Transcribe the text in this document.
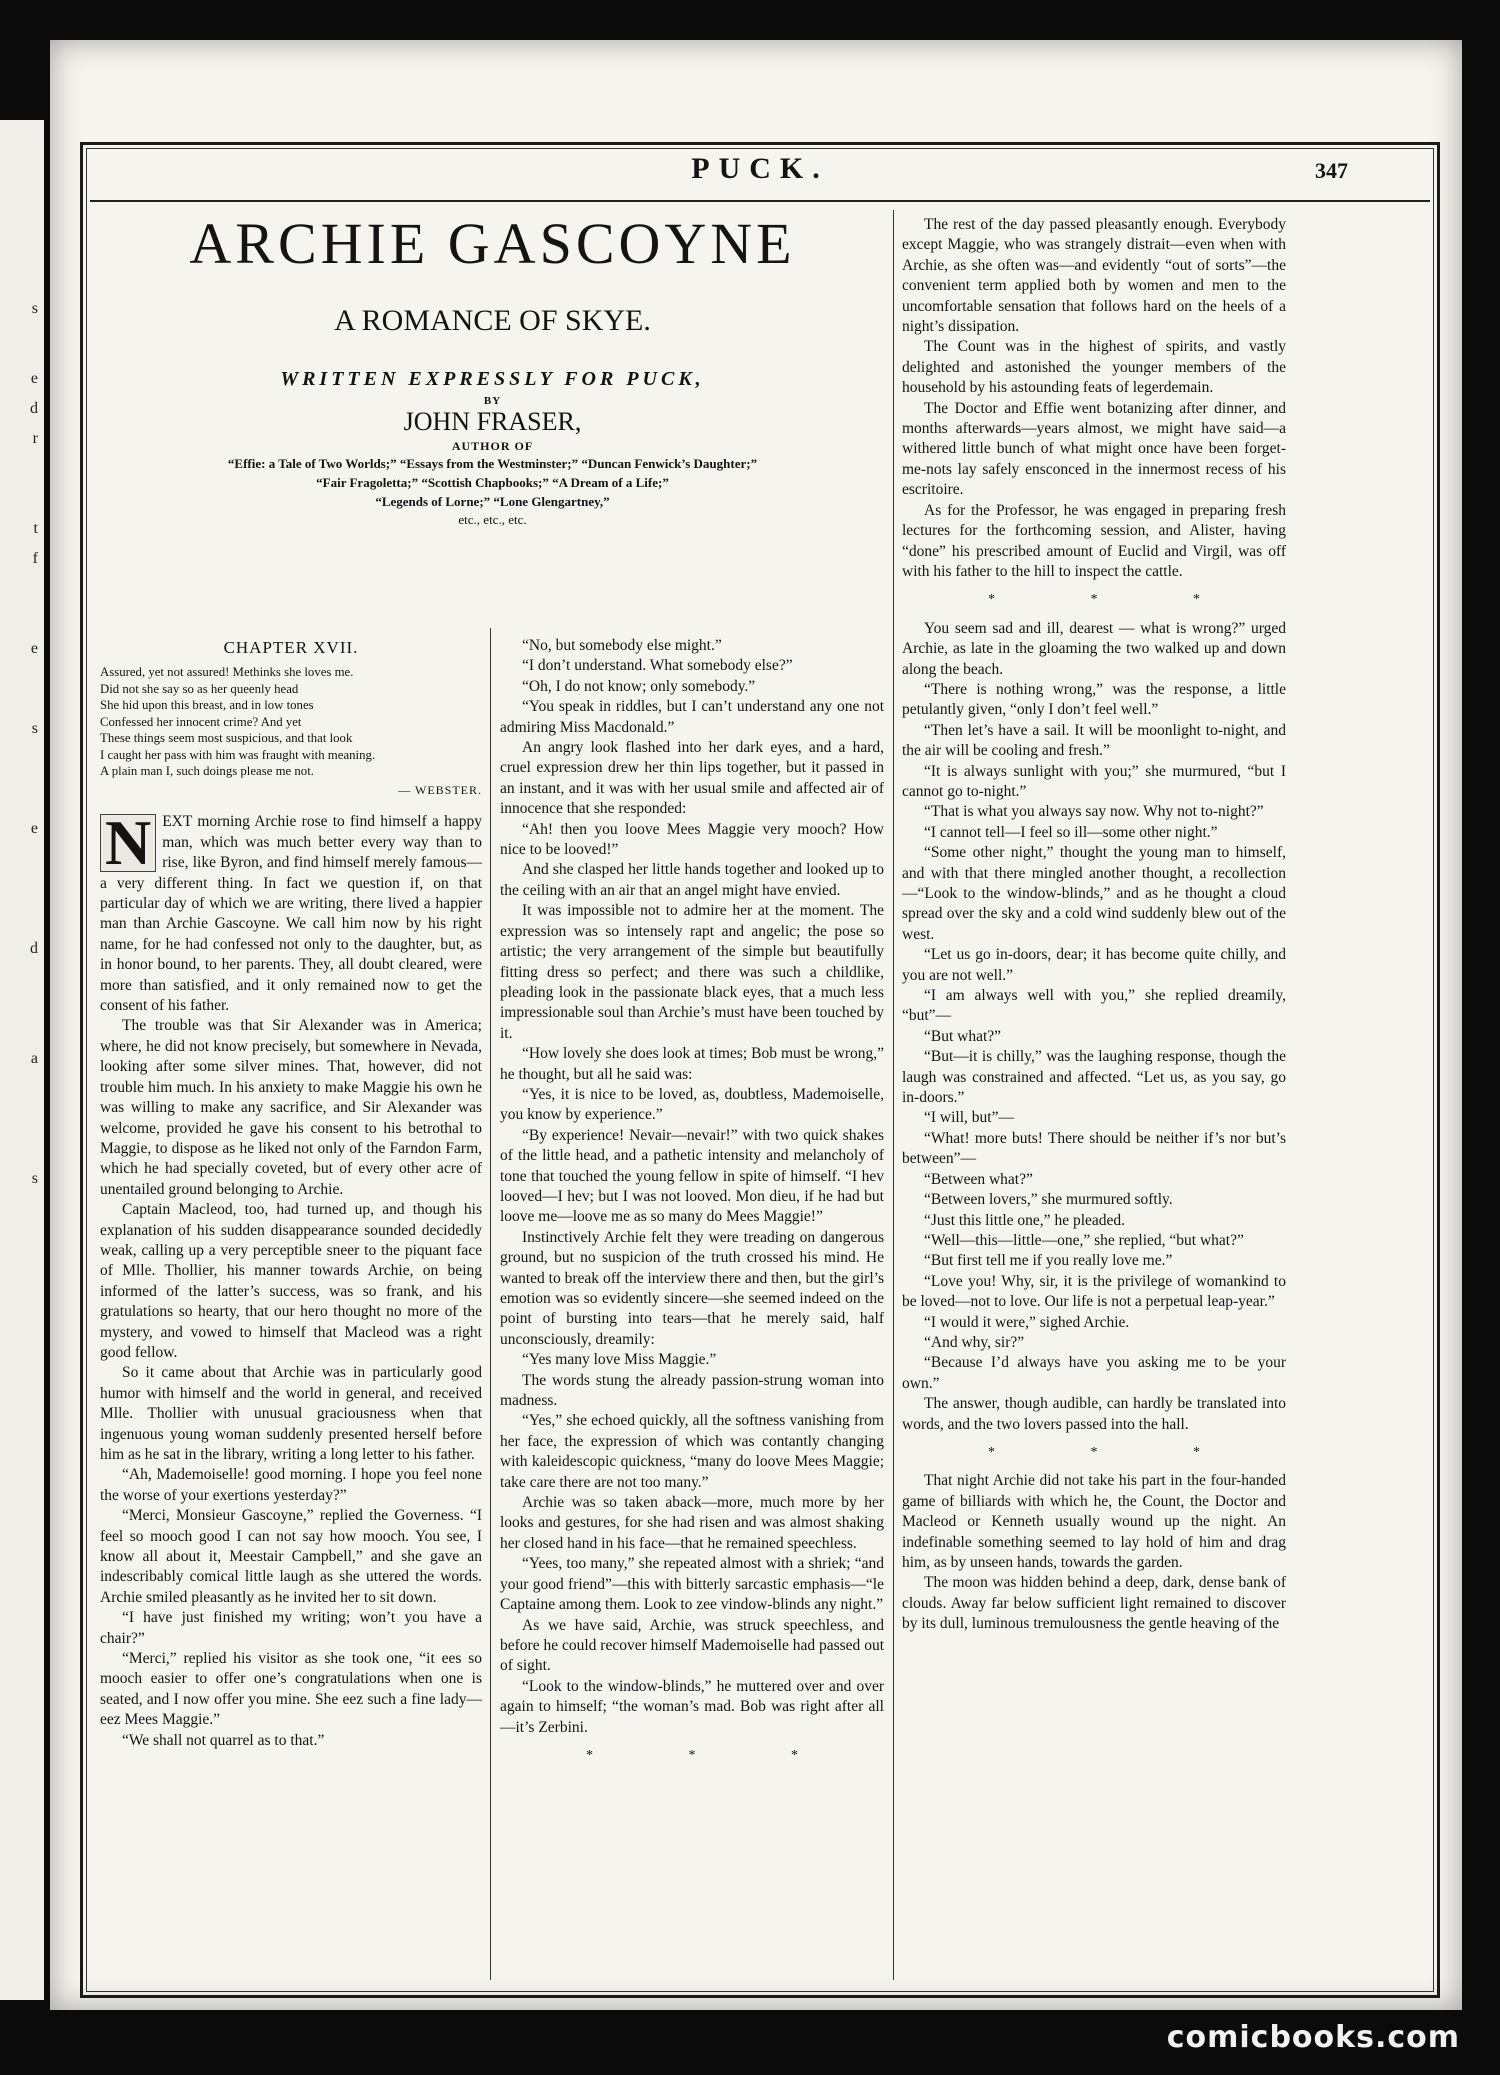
s
e
d
r
t
f
e
s
e
d
a
s
PUCK.	347
ARCHIE GASCOYNE
A ROMANCE OF SKYE.
WRITTEN EXPRESSLY FOR PUCK,
BY
JOHN FRASER,
AUTHOR OF
“Effie: a Tale of Two Worlds;” “Essays from the Westminster;” “Duncan Fenwick’s Daughter;”
“Fair Fragoletta;” “Scottish Chapbooks;” “A Dream of a Life;”
“Legends of Lorne;” “Lone Glengartney,”
etc., etc., etc.
CHAPTER XVII.
Assured, yet not assured! Methinks she loves me.
Did not she say so as her queenly head
She hid upon this breast, and in low tones
Confessed her innocent crime? And yet
These things seem most suspicious, and that look
I caught her pass with him was fraught with meaning.
A plain man I, such doings please me not.
— WEBSTER.

N EXT morning Archie rose to find himself a happy man, which was much better every way than to rise, like Byron, and find himself merely famous—a very different thing. In fact we question if, on that particular day of which we are writing, there lived a happier man than Archie Gascoyne. We call him now by his right name, for he had confessed not only to the daughter, but, as in honor bound, to her parents. They, all doubt cleared, were more than satisfied, and it only remained now to get the consent of his father.

The trouble was that Sir Alexander was in America; where, he did not know precisely, but somewhere in Nevada, looking after some silver mines. That, however, did not trouble him much. In his anxiety to make Maggie his own he was willing to make any sacrifice, and Sir Alexander was welcome, provided he gave his consent to his betrothal to Maggie, to dispose as he liked not only of the Farndon Farm, which he had specially coveted, but of every other acre of unentailed ground belonging to Archie.

Captain Macleod, too, had turned up, and though his explanation of his sudden disappearance sounded decidedly weak, calling up a very perceptible sneer to the piquant face of Mlle. Thollier, his manner towards Archie, on being informed of the latter’s success, was so frank, and his gratulations so hearty, that our hero thought no more of the mystery, and vowed to himself that Macleod was a right good fellow.

So it came about that Archie was in particularly good humor with himself and the world in general, and received Mlle. Thollier with unusual graciousness when that ingenuous young woman suddenly presented herself before him as he sat in the library, writing a long letter to his father.

“Ah, Mademoiselle! good morning. I hope you feel none the worse of your exertions yesterday?”

“Merci, Monsieur Gascoyne,” replied the Governess. “I feel so mooch good I can not say how mooch. You see, I know all about it, Meestair Campbell,” and she gave an indescribably comical little laugh as she uttered the words. Archie smiled pleasantly as he invited her to sit down.

“I have just finished my writing; won’t you have a chair?”

“Merci,” replied his visitor as she took one, “it ees so mooch easier to offer one’s congratulations when one is seated, and I now offer you mine. She eez such a fine lady—eez Mees Maggie.”

“We shall not quarrel as to that.”

“No, but somebody else might.”

“I don’t understand. What somebody else?”

“Oh, I do not know; only somebody.”

“You speak in riddles, but I can’t understand any one not admiring Miss Macdonald.”

An angry look flashed into her dark eyes, and a hard, cruel expression drew her thin lips together, but it passed in an instant, and it was with her usual smile and affected air of innocence that she responded:

“Ah! then you loove Mees Maggie very mooch? How nice to be looved!”

And she clasped her little hands together and looked up to the ceiling with an air that an angel might have envied.

It was impossible not to admire her at the moment. The expression was so intensely rapt and angelic; the pose so artistic; the very arrangement of the simple but beautifully fitting dress so perfect; and there was such a childlike, pleading look in the passionate black eyes, that a much less impressionable soul than Archie’s must have been touched by it.

“How lovely she does look at times; Bob must be wrong,” he thought, but all he said was:

“Yes, it is nice to be loved, as, doubtless, Mademoiselle, you know by experience.”

“By experience! Nevair—nevair!” with two quick shakes of the little head, and a pathetic intensity and melancholy of tone that touched the young fellow in spite of himself. “I hev looved—I hev; but I was not looved. Mon dieu, if he had but loove me—loove me as so many do Mees Maggie!”

Instinctively Archie felt they were treading on dangerous ground, but no suspicion of the truth crossed his mind. He wanted to break off the interview there and then, but the girl’s emotion was so evidently sincere—she seemed indeed on the point of bursting into tears—that he merely said, half unconsciously, dreamily:

“Yes many love Miss Maggie.”

The words stung the already passion-strung woman into madness.

“Yes,” she echoed quickly, all the softness vanishing from her face, the expression of which was contantly changing with kaleidescopic quickness, “many do loove Mees Maggie; take care there are not too many.”

Archie was so taken aback—more, much more by her looks and gestures, for she had risen and was almost shaking her closed hand in his face—that he remained speechless.

“Yees, too many,” she repeated almost with a shriek; “and your good friend”—this with bitterly sarcastic emphasis—“le Captaine among them. Look to zee vindow-blinds any night.”

As we have said, Archie, was struck speechless, and before he could recover himself Mademoiselle had passed out of sight.

“Look to the window-blinds,” he muttered over and over again to himself; “the woman’s mad. Bob was right after all—it’s Zerbini.

* * *

The rest of the day passed pleasantly enough. Everybody except Maggie, who was strangely distrait—even when with Archie, as she often was—and evidently “out of sorts”—the convenient term applied both by women and men to the uncomfortable sensation that follows hard on the heels of a night’s dissipation.

The Count was in the highest of spirits, and vastly delighted and astonished the younger members of the household by his astounding feats of legerdemain.

The Doctor and Effie went botanizing after dinner, and months afterwards—years almost, we might have said—a withered little bunch of what might once have been forget-me-nots lay safely ensconced in the innermost recess of his escritoire.

As for the Professor, he was engaged in preparing fresh lectures for the forthcoming session, and Alister, having “done” his prescribed amount of Euclid and Virgil, was off with his father to the hill to inspect the cattle.

* * *

You seem sad and ill, dearest — what is wrong?” urged Archie, as late in the gloaming the two walked up and down along the beach.

“There is nothing wrong,” was the response, a little petulantly given, “only I don’t feel well.”

“Then let’s have a sail. It will be moonlight to-night, and the air will be cooling and fresh.”

“It is always sunlight with you;” she murmured, “but I cannot go to-night.”

“That is what you always say now. Why not to-night?”

“I cannot tell—I feel so ill—some other night.”

“Some other night,” thought the young man to himself, and with that there mingled another thought, a recollection—“Look to the window-blinds,” and as he thought a cloud spread over the sky and a cold wind suddenly blew out of the west.

“Let us go in-doors, dear; it has become quite chilly, and you are not well.”

“I am always well with you,” she replied dreamily, “but”—

“But what?”

“But—it is chilly,” was the laughing response, though the laugh was constrained and affected. “Let us, as you say, go in-doors.”

“I will, but”—

“What! more buts! There should be neither if’s nor but’s between”—

“Between what?”

“Between lovers,” she murmured softly.

“Just this little one,” he pleaded.

“Well—this—little—one,” she replied, “but what?”

“But first tell me if you really love me.”

“Love you! Why, sir, it is the privilege of womankind to be loved—not to love. Our life is not a perpetual leap-year.”

“I would it were,” sighed Archie.

“And why, sir?”

“Because I’d always have you asking me to be your own.”

The answer, though audible, can hardly be translated into words, and the two lovers passed into the hall.

* * *

That night Archie did not take his part in the four-handed game of billiards with which he, the Count, the Doctor and Macleod or Kenneth usually wound up the night. An indefinable something seemed to lay hold of him and drag him, as by unseen hands, towards the garden.

The moon was hidden behind a deep, dark, dense bank of clouds. Away far below sufficient light remained to discover by its dull, luminous tremulousness the gentle heaving of the

comicbooks.com
